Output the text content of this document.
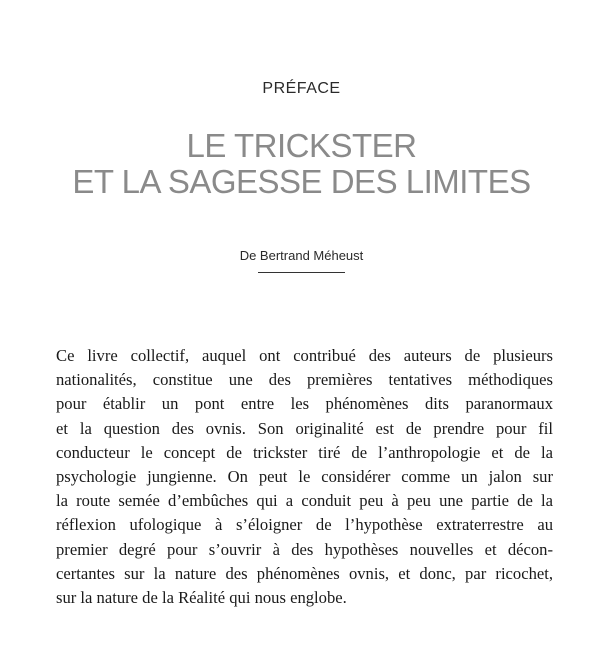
PRÉFACE
LE TRICKSTER
ET LA SAGESSE DES LIMITES
De Bertrand Méheust
Ce livre collectif, auquel ont contribué des auteurs de plusieurs
nationalités, constitue une des premières tentatives méthodiques
pour établir un pont entre les phénomènes dits paranormaux
et la question des ovnis. Son originalité est de prendre pour fil
conducteur le concept de trickster tiré de l’anthropologie et de la
psychologie jungienne. On peut le considérer comme un jalon sur
la route semée d’embûches qui a conduit peu à peu une partie de la
réflexion ufologique à s’éloigner de l’hypothèse extraterrestre au
premier degré pour s’ouvrir à des hypothèses nouvelles et décon-
certantes sur la nature des phénomènes ovnis, et donc, par ricochet,
sur la nature de la Réalité qui nous englobe.
